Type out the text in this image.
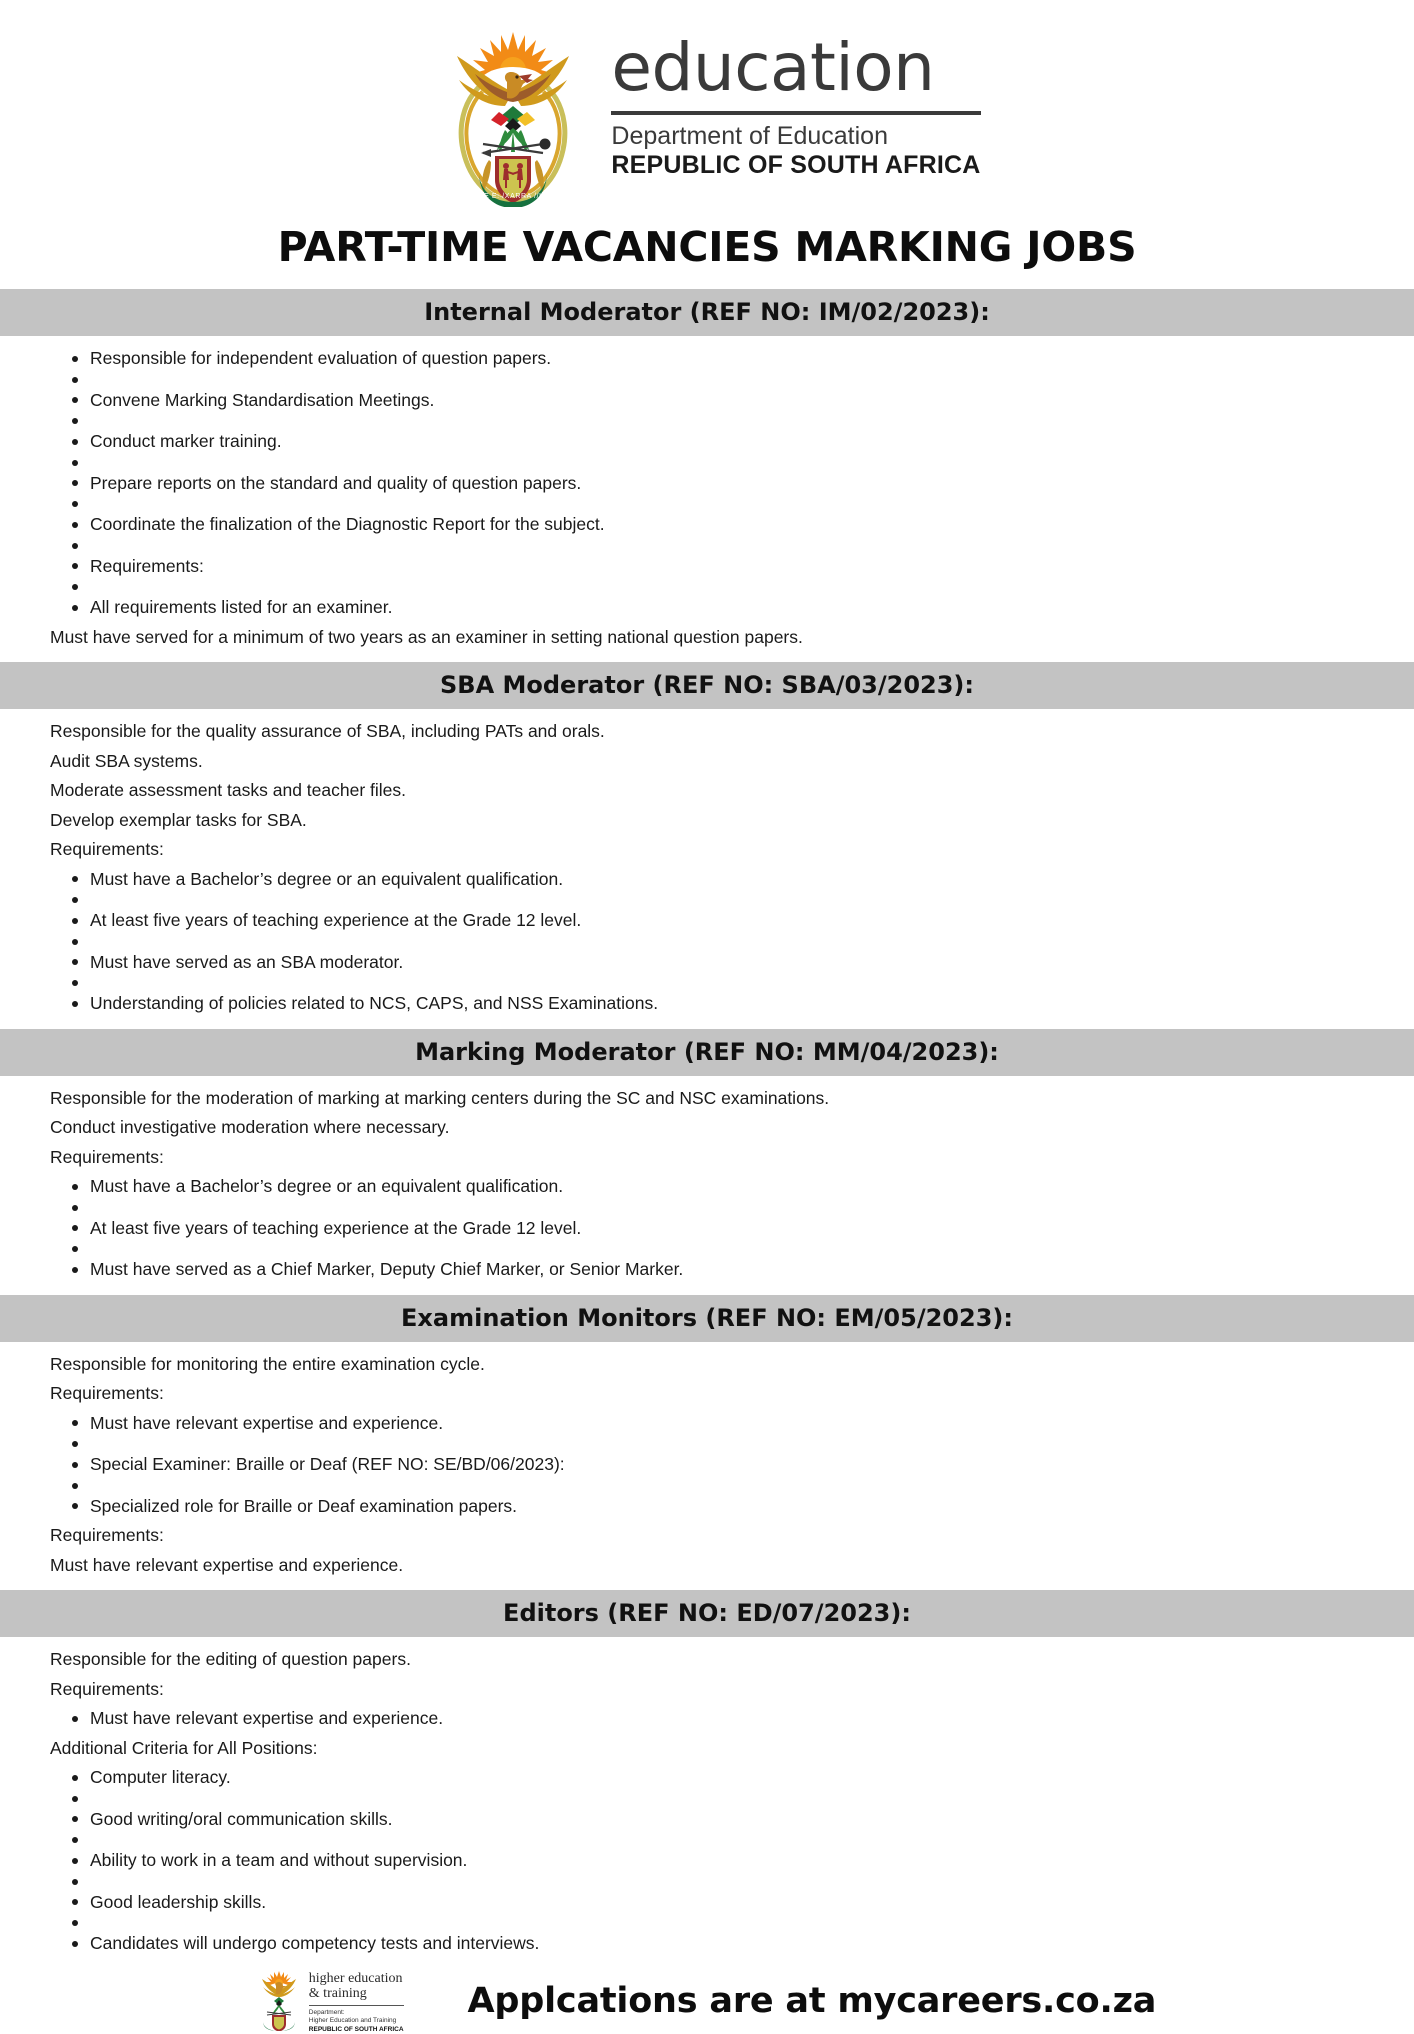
!KE E: /XARRA //KE
education
Department of Education
REPUBLIC OF SOUTH AFRICA
PART-TIME VACANCIES MARKING JOBS
Internal Moderator (REF NO: IM/02/2023):
Responsible for independent evaluation of question papers.
Convene Marking Standardisation Meetings.
Conduct marker training.
Prepare reports on the standard and quality of question papers.
Coordinate the finalization of the Diagnostic Report for the subject.
Requirements:
All requirements listed for an examiner.
Must have served for a minimum of two years as an examiner in setting national question papers.
SBA Moderator (REF NO: SBA/03/2023):
Responsible for the quality assurance of SBA, including PATs and orals.
Audit SBA systems.
Moderate assessment tasks and teacher files.
Develop exemplar tasks for SBA.
Requirements:
Must have a Bachelor’s degree or an equivalent qualification.
At least five years of teaching experience at the Grade 12 level.
Must have served as an SBA moderator.
Understanding of policies related to NCS, CAPS, and NSS Examinations.
Marking Moderator (REF NO: MM/04/2023):
Responsible for the moderation of marking at marking centers during the SC and NSC examinations.
Conduct investigative moderation where necessary.
Requirements:
Must have a Bachelor’s degree or an equivalent qualification.
At least five years of teaching experience at the Grade 12 level.
Must have served as a Chief Marker, Deputy Chief Marker, or Senior Marker.
Examination Monitors (REF NO: EM/05/2023):
Responsible for monitoring the entire examination cycle.
Requirements:
Must have relevant expertise and experience.
Special Examiner: Braille or Deaf (REF NO: SE/BD/06/2023):
Specialized role for Braille or Deaf examination papers.
Requirements:
Must have relevant expertise and experience.
Editors (REF NO: ED/07/2023):
Responsible for the editing of question papers.
Requirements:
Must have relevant expertise and experience.
Additional Criteria for All Positions:
Computer literacy.
Good writing/oral communication skills.
Ability to work in a team and without supervision.
Good leadership skills.
Candidates will undergo competency tests and interviews.
higher education
& training
Department:
Higher Education and Training
REPUBLIC OF SOUTH AFRICA
Applcations are at mycareers.co.za
